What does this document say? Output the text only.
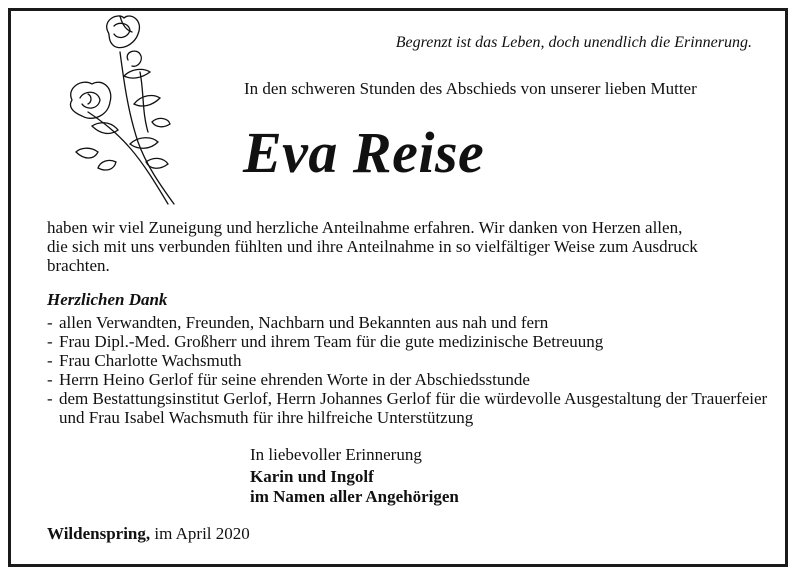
Begrenzt ist das Leben, doch unendlich die Erinnerung.
In den schweren Stunden des Abschieds von unserer lieben Mutter
Eva Reise
haben wir viel Zuneigung und herzliche Anteilnahme erfahren. Wir danken von Herzen allen,
die sich mit uns verbunden fühlten und ihre Anteilnahme in so vielfältiger Weise zum Ausdruck
brachten.
Herzlichen Dank
- allen Verwandten, Freunden, Nachbarn und Bekannten aus nah und fern
- Frau Dipl.-Med. Großherr und ihrem Team für die gute medizinische Betreuung
- Frau Charlotte Wachsmuth
- Herrn Heino Gerlof für seine ehrenden Worte in der Abschiedsstunde
- dem Bestattungsinstitut Gerlof, Herrn Johannes Gerlof für die würdevolle Ausgestaltung der Trauerfeier und Frau Isabel Wachsmuth für ihre hilfreiche Unterstützung
In liebevoller Erinnerung
Karin und Ingolf
im Namen aller Angehörigen
Wildenspring, im April 2020
